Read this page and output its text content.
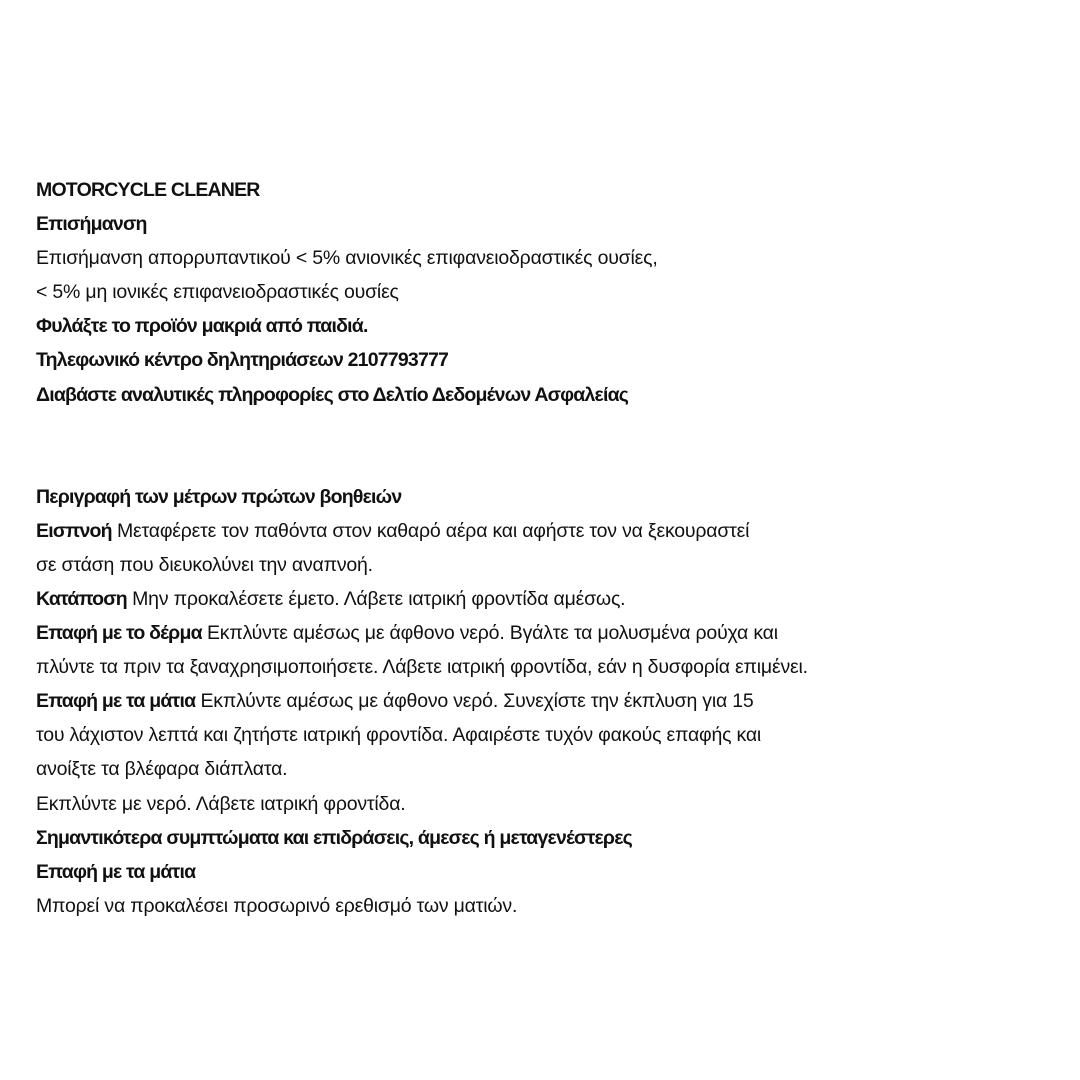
MOTORCYCLE CLEANER
Επισήμανση
Επισήμανση απορρυπαντικού < 5% ανιονικές επιφανειοδραστικές ουσίες,
< 5% μη ιονικές επιφανειοδραστικές ουσίες
Φυλάξτε το προϊόν μακριά από παιδιά.
Τηλεφωνικό κέντρο δηλητηριάσεων 2107793777
Διαβάστε αναλυτικές πληροφορίες στο Δελτίο Δεδομένων Ασφαλείας
Περιγραφή των μέτρων πρώτων βοηθειών
Εισπνοή Μεταφέρετε τον παθόντα στον καθαρό αέρα και αφήστε τον να ξεκουραστεί
σε στάση που διευκολύνει την αναπνοή.
Κατάποση Μην προκαλέσετε έμετο. Λάβετε ιατρική φροντίδα αμέσως.
Επαφή με το δέρμα Εκπλύντε αμέσως με άφθονο νερό. Βγάλτε τα μολυσμένα ρούχα και
πλύντε τα πριν τα ξαναχρησιμοποιήσετε. Λάβετε ιατρική φροντίδα, εάν η δυσφορία επιμένει.
Επαφή με τα μάτια Εκπλύντε αμέσως με άφθονο νερό. Συνεχίστε την έκπλυση για 15
του λάχιστον λεπτά και ζητήστε ιατρική φροντίδα. Αφαιρέστε τυχόν φακούς επαφής και
ανοίξτε τα βλέφαρα διάπλατα.
Εκπλύντε με νερό. Λάβετε ιατρική φροντίδα.
Σημαντικότερα συμπτώματα και επιδράσεις, άμεσες ή μεταγενέστερες
Επαφή με τα μάτια
Μπορεί να προκαλέσει προσωρινό ερεθισμό των ματιών.
